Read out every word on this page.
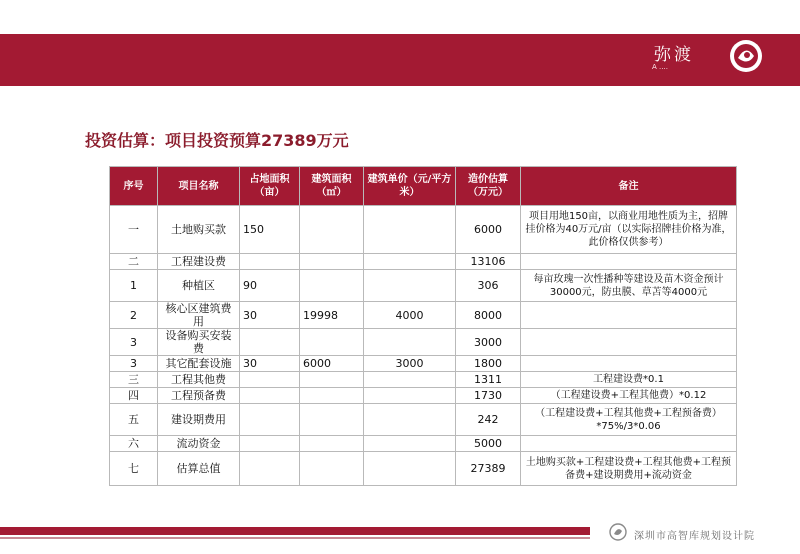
弥渡
A ....
投资估算：项目投资预算27389万元
序号	项目名称	占地面积（亩）	建筑面积（㎡）	建筑单价（元/平方米）	造价估算（万元）	备注
一	土地购买款	150			6000	项目用地150亩，以商业用地性质为主，招牌挂价格为40万元/亩（以实际招牌挂价格为准，此价格仅供参考）
二	工程建设费				13106	
1	种植区	90			306	每亩玫瑰一次性播种等建设及苗木资金预计30000元，防虫膜、草苫等4000元
2	核心区建筑费用	30	19998	4000	8000	
3	设备购买安装费				3000	
3	其它配套设施	30	6000	3000	1800	
三	工程其他费				1311	工程建设费*0.1
四	工程预备费				1730	（工程建设费+工程其他费）*0.12
五	建设期费用				242	（工程建设费+工程其他费+工程预备费）*75%/3*0.06
六	流动资金				5000	
七	估算总值				27389	土地购买款+工程建设费+工程其他费+工程预备费+建设期费用+流动资金
深圳市高智库规划设计院
